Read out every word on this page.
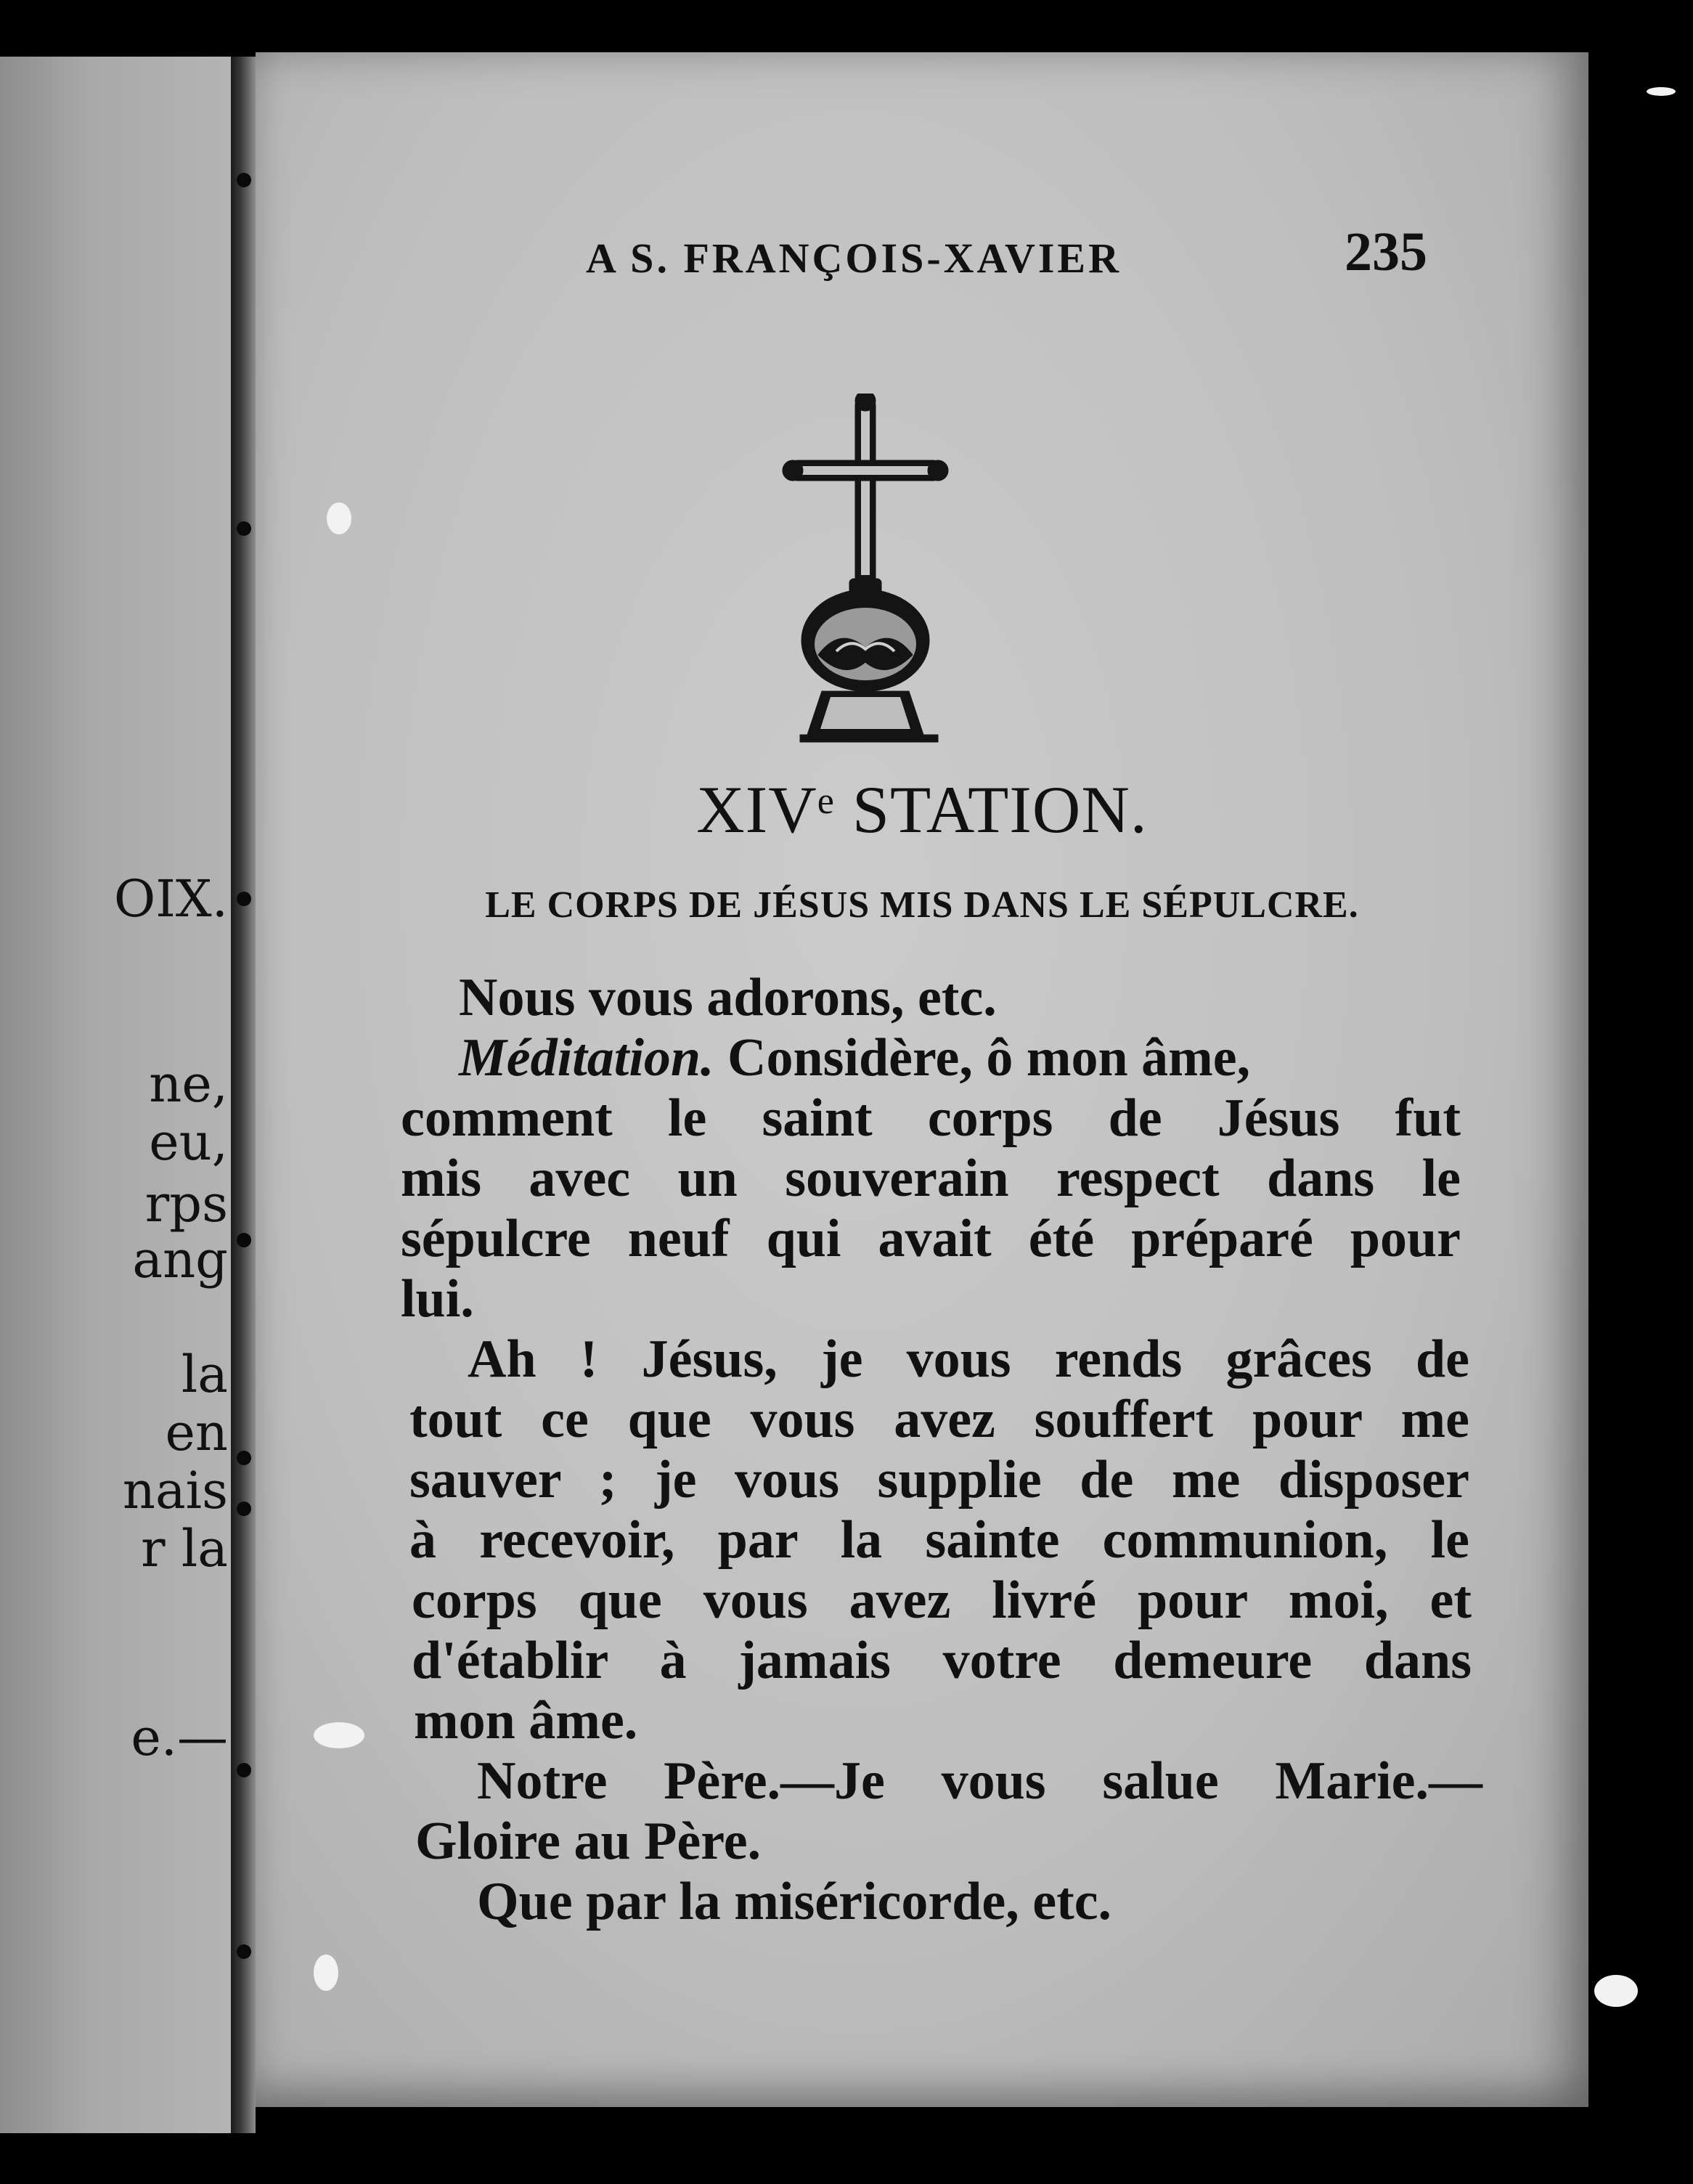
OIX.
ne,
eu,
rps
ang
la
en
nais
r la
e.—
A S. FRANÇOIS-XAVIER	235
XIVe STATION.
LE CORPS DE JÉSUS MIS DANS LE SÉPULCRE.
Nous vous adorons, etc.
Méditation. Considère, ô mon âme,
comment le saint corps de Jésus fut
mis avec un souverain respect dans le
sépulcre neuf qui avait été préparé pour
lui.
Ah ! Jésus, je vous rends grâces de
tout ce que vous avez souffert pour me
sauver ; je vous supplie de me disposer
à recevoir, par la sainte communion, le
corps que vous avez livré pour moi, et
d'établir à jamais votre demeure dans
mon âme.
Notre Père.—Je vous salue Marie.—
Gloire au Père.
Que par la miséricorde, etc.
